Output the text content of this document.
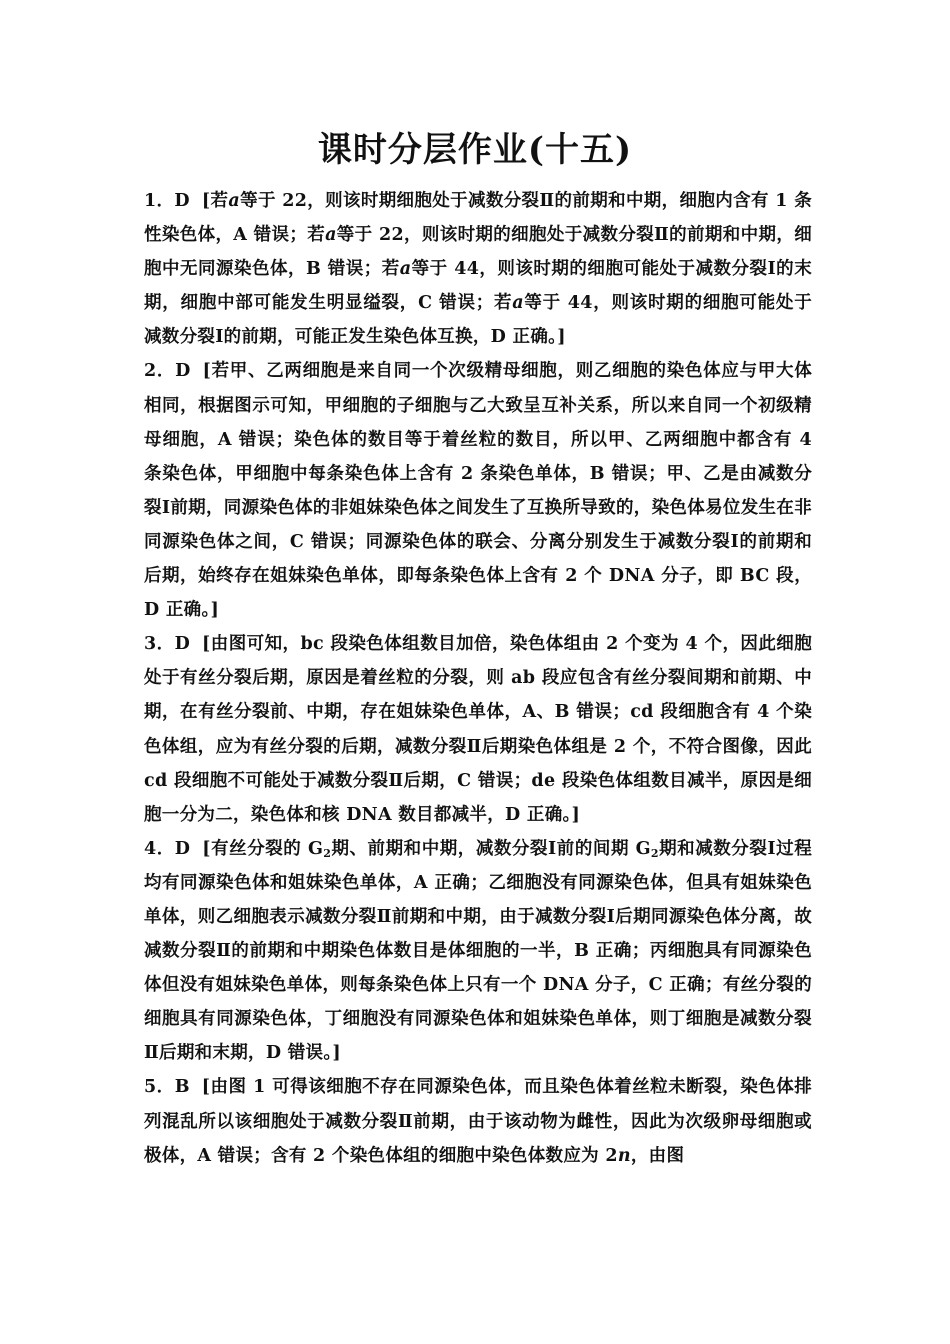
课时分层作业(十五)

1．D [若a等于 22，则该时期细胞处于减数分裂Ⅱ的前期和中期，细胞内含有 1 条性染色体，A 错误；若a等于 22，则该时期的细胞处于减数分裂Ⅱ的前期和中期，细胞中无同源染色体，B 错误；若a等于 44，则该时期的细胞可能处于减数分裂Ⅰ的末期，细胞中部可能发生明显缢裂，C 错误；若a等于 44，则该时期的细胞可能处于减数分裂Ⅰ的前期，可能正发生染色体互换，D 正确。]

2．D [若甲、乙两细胞是来自同一个次级精母细胞，则乙细胞的染色体应与甲大体相同，根据图示可知，甲细胞的子细胞与乙大致呈互补关系，所以来自同一个初级精母细胞，A 错误；染色体的数目等于着丝粒的数目，所以甲、乙两细胞中都含有 4 条染色体，甲细胞中每条染色体上含有 2 条染色单体，B 错误；甲、乙是由减数分裂Ⅰ前期，同源染色体的非姐妹染色体之间发生了互换所导致的，染色体易位发生在非同源染色体之间，C 错误；同源染色体的联会、分离分别发生于减数分裂Ⅰ的前期和后期，始终存在姐妹染色单体，即每条染色体上含有 2 个 DNA 分子，即 BC 段，D 正确。]

3．D [由图可知，bc 段染色体组数目加倍，染色体组由 2 个变为 4 个，因此细胞处于有丝分裂后期，原因是着丝粒的分裂，则 ab 段应包含有丝分裂间期和前期、中期，在有丝分裂前、中期，存在姐妹染色单体，A、B 错误；cd 段细胞含有 4 个染色体组，应为有丝分裂的后期，减数分裂Ⅱ后期染色体组是 2 个，不符合图像，因此 cd 段细胞不可能处于减数分裂Ⅱ后期，C 错误；de 段染色体组数目减半，原因是细胞一分为二，染色体和核 DNA 数目都减半，D 正确。]

4．D [有丝分裂的 $G_2$期、前期和中期，减数分裂Ⅰ前的间期 $G_2$期和减数分裂Ⅰ过程均有同源染色体和姐妹染色单体，A 正确；乙细胞没有同源染色体，但具有姐妹染色单体，则乙细胞表示减数分裂Ⅱ前期和中期，由于减数分裂Ⅰ后期同源染色体分离，故减数分裂Ⅱ的前期和中期染色体数目是体细胞的一半，B 正确；丙细胞具有同源染色体但没有姐妹染色单体，则每条染色体上只有一个 DNA 分子，C 正确；有丝分裂的细胞具有同源染色体，丁细胞没有同源染色体和姐妹染色单体，则丁细胞是减数分裂Ⅱ后期和末期，D 错误。]

5．B [由图 1 可得该细胞不存在同源染色体，而且染色体着丝粒未断裂，染色体排列混乱所以该细胞处于减数分裂Ⅱ前期，由于该动物为雌性，因此为次级卵母细胞或极体，A 错误；含有 2 个染色体组的细胞中染色体数应为 2n，由图
